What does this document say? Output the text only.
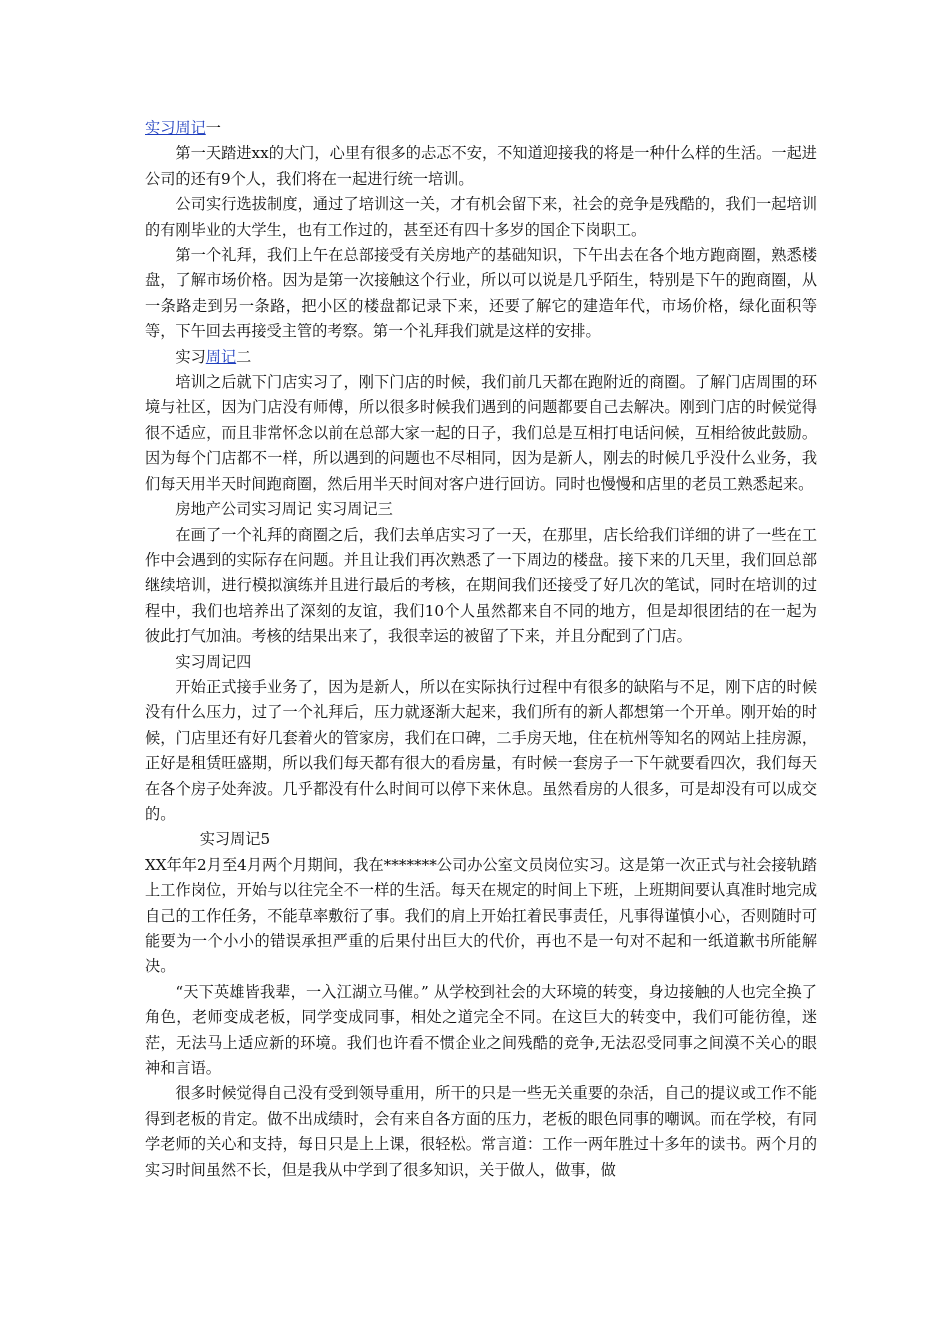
实习周记一

第一天踏进xx的大门，心里有很多的忐忑不安，不知道迎接我的将是一种什么样的生活。一起进公司的还有9个人，我们将在一起进行统一培训。

公司实行选拔制度，通过了培训这一关，才有机会留下来，社会的竞争是残酷的，我们一起培训的有刚毕业的大学生，也有工作过的，甚至还有四十多岁的国企下岗职工。

第一个礼拜，我们上午在总部接受有关房地产的基础知识，下午出去在各个地方跑商圈，熟悉楼盘，了解市场价格。因为是第一次接触这个行业，所以可以说是几乎陌生，特别是下午的跑商圈，从一条路走到另一条路，把小区的楼盘都记录下来，还要了解它的建造年代，市场价格，绿化面积等等，下午回去再接受主管的考察。第一个礼拜我们就是这样的安排。

实习周记二

培训之后就下门店实习了，刚下门店的时候，我们前几天都在跑附近的商圈。了解门店周围的环境与社区，因为门店没有师傅，所以很多时候我们遇到的问题都要自己去解决。刚到门店的时候觉得很不适应，而且非常怀念以前在总部大家一起的日子，我们总是互相打电话问候，互相给彼此鼓励。因为每个门店都不一样，所以遇到的问题也不尽相同，因为是新人，刚去的时候几乎没什么业务，我们每天用半天时间跑商圈，然后用半天时间对客户进行回访。同时也慢慢和店里的老员工熟悉起来。

房地产公司实习周记 实习周记三

在画了一个礼拜的商圈之后，我们去单店实习了一天，在那里，店长给我们详细的讲了一些在工作中会遇到的实际存在问题。并且让我们再次熟悉了一下周边的楼盘。接下来的几天里，我们回总部继续培训，进行模拟演练并且进行最后的考核，在期间我们还接受了好几次的笔试，同时在培训的过程中，我们也培养出了深刻的友谊，我们10个人虽然都来自不同的地方，但是却很团结的在一起为彼此打气加油。考核的结果出来了，我很幸运的被留了下来，并且分配到了门店。

实习周记四

开始正式接手业务了，因为是新人，所以在实际执行过程中有很多的缺陷与不足，刚下店的时候没有什么压力，过了一个礼拜后，压力就逐渐大起来，我们所有的新人都想第一个开单。刚开始的时候，门店里还有好几套着火的管家房，我们在口碑，二手房天地，住在杭州等知名的网站上挂房源，正好是租赁旺盛期，所以我们每天都有很大的看房量，有时候一套房子一下午就要看四次，我们每天在各个房子处奔波。几乎都没有什么时间可以停下来休息。虽然看房的人很多，可是却没有可以成交的。

实习周记5

XX年年2月至4月两个月期间，我在*******公司办公室文员岗位实习。这是第一次正式与社会接轨踏上工作岗位，开始与以往完全不一样的生活。每天在规定的时间上下班，上班期间要认真准时地完成自己的工作任务，不能草率敷衍了事。我们的肩上开始扛着民事责任，凡事得谨慎小心，否则随时可能要为一个小小的错误承担严重的后果付出巨大的代价，再也不是一句对不起和一纸道歉书所能解决。

“天下英雄皆我辈，一入江湖立马催。” 从学校到社会的大环境的转变，身边接触的人也完全换了角色，老师变成老板，同学变成同事，相处之道完全不同。在这巨大的转变中，我们可能彷徨，迷茫，无法马上适应新的环境。我们也许看不惯企业之间残酷的竞争,无法忍受同事之间漠不关心的眼神和言语。

很多时候觉得自己没有受到领导重用，所干的只是一些无关重要的杂活，自己的提议或工作不能得到老板的肯定。做不出成绩时，会有来自各方面的压力，老板的眼色同事的嘲讽。而在学校，有同学老师的关心和支持，每日只是上上课，很轻松。常言道：工作一两年胜过十多年的读书。两个月的实习时间虽然不长，但是我从中学到了很多知识，关于做人，做事，做
